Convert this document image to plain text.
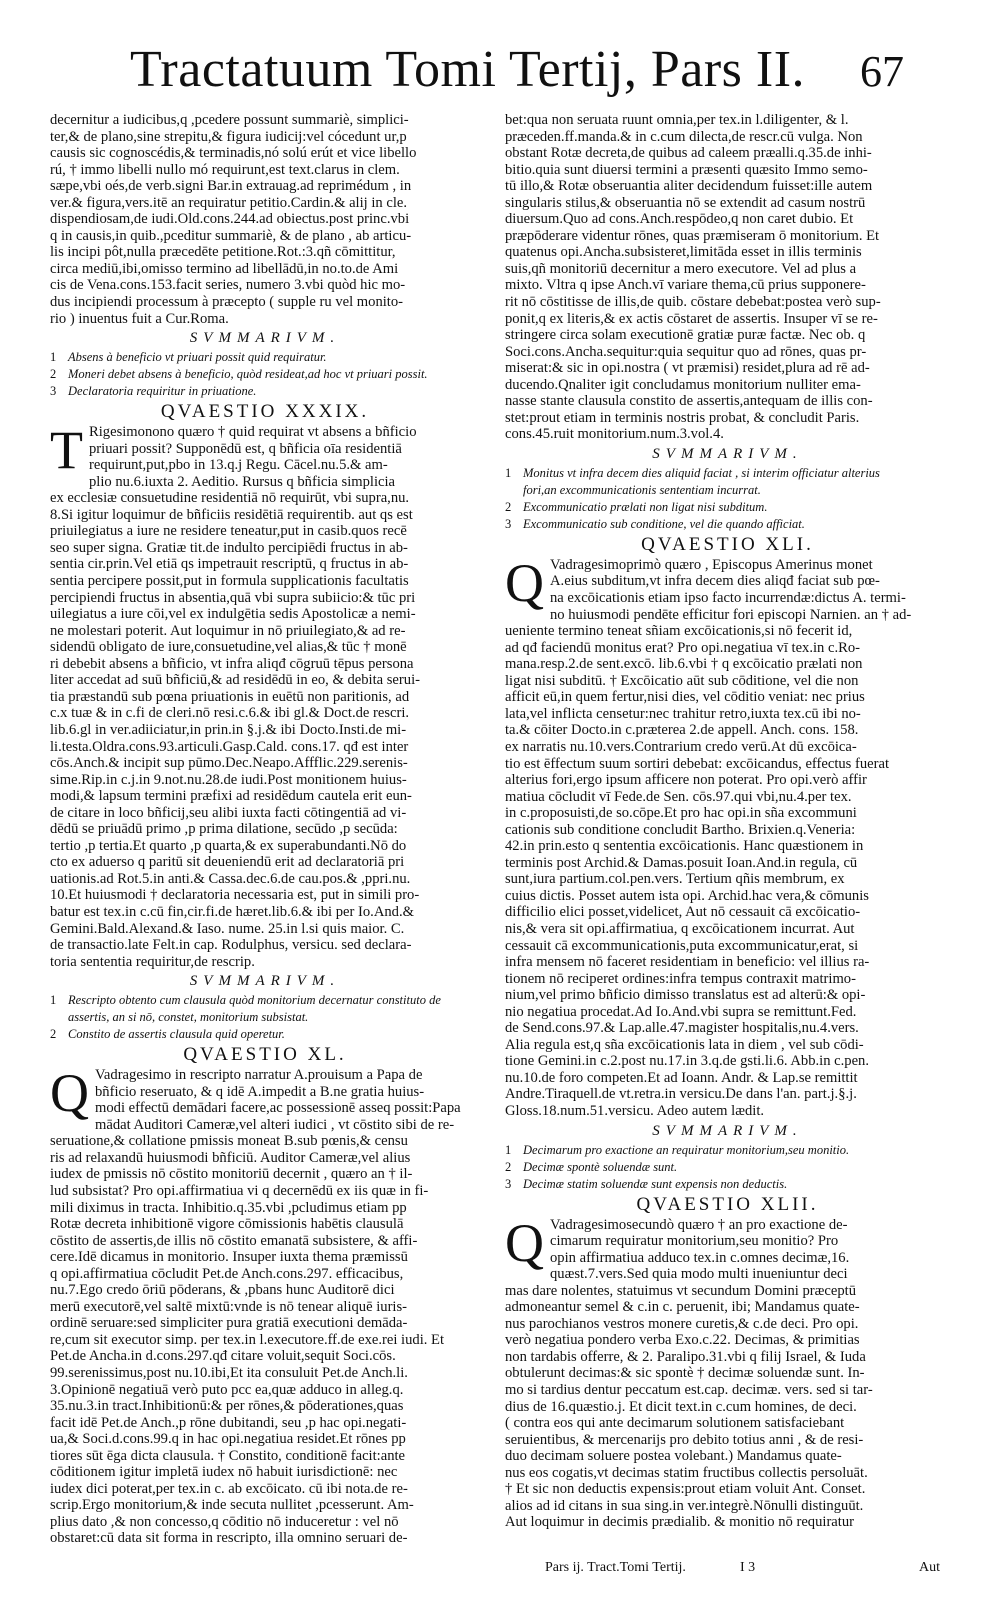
Tractatuum Tomi Tertij, Pars II. 67
decernitur a iudicibus,q ,pcedere possunt summariè, simplici-
ter,& de plano,sine strepitu,& figura iudicij:vel cócedunt ur,p
causis sic cognoscédis,& terminadis,nó solú erút et vice libello
rú, † immo libelli nullo mó requirunt,est text.clarus in clem.
sæpe,vbi oés,de verb.signi Bar.in extrauag.ad reprimédum , in
ver.& figura,vers.itē an requiratur petitio.Cardin.& alij in cle.
dispendiosam,de iudi.Old.cons.244.ad obiectus.post princ.vbi
q in causis,in quib.,pceditur summariè, & de plano , ab articu-
lis incipi pôt,nulla præcedēte petitione.Rot.:3.qñ cōmittitur,
circa mediū,ibi,omisso termino ad libellādū,in no.to.de Ami
cis de Vena.cons.153.facit series, numero 3.vbi quòd hic mo-
dus incipiendi processum à præcepto ( supple ru vel monito-
rio ) inuentus fuit a Cur.Roma.
SVMMARIVM.
1 Absens à beneficio vt priuari possit quid requiratur.
2 Moneri debet absens à beneficio, quòd resideat,ad hoc vt priuari possit.
3 Declaratoria requiritur in priuatione.
QVAESTIO XXXIX.
T Rigesimonono quæro † quid requirat vt absens a bñficio
priuari possit? Supponēdū est, q bñficia oīa residentiā
requirunt,put,pbo in 13.q.j Regu. Cācel.nu.5.& am-
plio nu.6.iuxta 2. Aeditio. Rursus q bñficia simplicia
ex ecclesiæ consuetudine residentiā nō requirūt, vbi supra,nu.
8.Si igitur loquimur de bñficiis residētiā requirentib. aut qs est
priuilegiatus a iure ne residere teneatur,put in casib.quos recē
seo super signa. Gratiæ tit.de indulto percipiēdi fructus in ab-
sentia cir.prin.Vel etiā qs impetrauit rescriptū, q fructus in ab-
sentia percipere possit,put in formula supplicationis facultatis
percipiendi fructus in absentia,quā vbi supra subiicio:& tūc pri
uilegiatus a iure cōi,vel ex indulgētia sedis Apostolicæ a nemi-
ne molestari poterit. Aut loquimur in nō priuilegiato,& ad re-
sidendū obligato de iure,consuetudine,vel alias,& tūc † monē
ri debebit absens a bñficio, vt infra aliqđ cōgruū tēpus persona
liter accedat ad suū bñficiū,& ad residēdū in eo, & debita serui-
tia præstandū sub pœna priuationis in euētū non paritionis, ad
c.x tuæ & in c.fi de cleri.nō resi.c.6.& ibi gl.& Doct.de rescri.
lib.6.gl in ver.adiiciatur,in prin.in §.j.& ibi Docto.Insti.de mi-
li.testa.Oldra.cons.93.articuli.Gasp.Cald. cons.17. qđ est inter
cōs.Anch.& incipit sup pūmo.Dec.Neapo.Affflic.229.serenis-
sime.Rip.in c.j.in 9.not.nu.28.de iudi.Post monitionem huius-
modi,& lapsum termini præfixi ad residēdum cautela erit eun-
de citare in loco bñficij,seu alibi iuxta facti cōtingentiā ad vi-
dēdū se priuādū primo ,p prima dilatione, secūdo ,p secūda:
tertio ,p tertia.Et quarto ,p quarta,& ex superabundanti.Nō do
cto ex aduerso q paritū sit deueniendū erit ad declaratoriā pri
uationis.ad Rot.5.in anti.& Cassa.dec.6.de cau.pos.& ,ppri.nu.
10.Et huiusmodi † declaratoria necessaria est, put in simili pro-
batur est tex.in c.cū fin,cir.fi.de hæret.lib.6.& ibi per Io.And.&
Gemini.Bald.Alexand.& Iaso. nume. 25.in l.si quis maior. C.
de transactio.late Felt.in cap. Rodulphus, versicu. sed declara-
toria sententia requiritur,de rescrip.
SVMMARIVM.
1 Rescripto obtento cum clausula quòd monitorium decernatur constituto de
assertis, an si nō, constet, monitorium subsistat.
2 Constito de assertis clausula quid operetur.
QVAESTIO XL.
Q Vadragesimo in rescripto narratur A.prouisum a Papa de
bñficio reseruato, & q idē A.impedit a B.ne gratia huius-
modi effectū demādari facere,ac possessionē asseq possit:Papa
mādat Auditori Cameræ,vel alteri iudici , vt cōstito sibi de re-
seruatione,& collatione pmissis moneat B.sub pœnis,& censu
ris ad relaxandū huiusmodi bñficiū. Auditor Cameræ,vel alius
iudex de pmissis nō cōstito monitoriū decernit , quæro an † il-
lud subsistat? Pro opi.affirmatiua vi q decernēdū ex iis quæ in fi-
mili diximus in tracta. Inhibitio.q.35.vbi ,pcludimus etiam pp
Rotæ decreta inhibitionē vigore cōmissionis habētis clausulā
cōstito de assertis,de illis nō cōstito emanatā subsistere, & affi-
cere.Idē dicamus in monitorio. Insuper iuxta thema præmissū
q opi.affirmatiua cōcludit Pet.de Anch.cons.297. efficacibus,
nu.7.Ego credo ōriū pōderans, & ,pbans hunc Auditorē dici
merū executorē,vel saltē mixtū:vnde is nō tenear aliquē iuris-
ordinē seruare:sed simpliciter pura gratiā executioni demāda-
re,cum sit executor simp. per tex.in l.executore.ff.de exe.rei iudi. Et
Pet.de Ancha.in d.cons.297.qđ citare voluit,sequit Soci.cōs.
99.serenissimus,post nu.10.ibi,Et ita consuluit Pet.de Anch.li.
3.Opinionē negatiuā verò puto pcc ea,quæ adduco in alleg.q.
35.nu.3.in tract.Inhibitionū:& per rōnes,& pōderationes,quas
facit idē Pet.de Anch.,p rōne dubitandi, seu ,p hac opi.negati-
ua,& Soci.d.cons.99.q in hac opi.negatiua residet.Et rōnes pp
tiores sūt ēga dicta clausula. † Constito, conditionē facit:ante
cōditionem igitur impletā iudex nō habuit iurisdictionē: nec
iudex dici poterat,per tex.in c. ab excōicato. cū ibi nota.de re-
scrip.Ergo monitorium,& inde secuta nullitet ,pcesserunt. Am-
plius dato ,& non concesso,q cōditio nō induceretur : vel nō
obstaret:cū data sit forma in rescripto, illa omnino seruari de-
bet:qua non seruata ruunt omnia,per tex.in l.diligenter, & l.
præceden.ff.manda.& in c.cum dilecta,de rescr.cū vulga. Non
obstant Rotæ decreta,de quibus ad caleem præalli.q.35.de inhi-
bitio.quia sunt diuersi termini a præsenti quæsito Immo semo-
tū illo,& Rotæ obseruantia aliter decidendum fuisset:ille autem
singularis stilus,& obseruantia nō se extendit ad casum nostrū
diuersum.Quo ad cons.Anch.respōdeo,q non caret dubio. Et
præpōderare videntur rōnes, quas præmiseram ō monitorium. Et
quatenus opi.Ancha.subsisteret,limitāda esset in illis terminis
suis,qñ monitoriū decernitur a mero executore. Vel ad plus a
mixto. Vltra q ipse Anch.vī variare thema,cū prius supponere-
rit nō cōstitisse de illis,de quib. cōstare debebat:postea verò sup-
ponit,q ex literis,& ex actis cōstaret de assertis. Insuper vī se re-
stringere circa solam executionē gratiæ puræ factæ. Nec ob. q
Soci.cons.Ancha.sequitur:quia sequitur quo ad rōnes, quas pr-
miserat:& sic in opi.nostra ( vt præmisi) residet,plura ad rē ad-
ducendo.Qnaliter igit concludamus monitorium nulliter ema-
nasse stante clausula constito de assertis,antequam de illis con-
stet:prout etiam in terminis nostris probat, & concludit Paris.
cons.45.ruit monitorium.num.3.vol.4.
SVMMARIVM.
1 Monitus vt infra decem dies aliquid faciat , si interim officiatur alterius
fori,an excommunicationis sententiam incurrat.
2 Excommunicatio prælati non ligat nisi subditum.
3 Excommunicatio sub conditione, vel die quando afficiat.
QVAESTIO XLI.
Q Vadragesimoprimò quæro , Episcopus Amerinus monet
A.eius subditum,vt infra decem dies aliqđ faciat sub pœ-
na excōicationis etiam ipso facto incurrendæ:dictus A. termi-
no huiusmodi pendēte efficitur fori episcopi Narnien. an † ad-
ueniente termino teneat sñiam excōicationis,si nō fecerit id,
ad qđ faciendū monitus erat? Pro opi.negatiua vī tex.in c.Ro-
mana.resp.2.de sent.excō. lib.6.vbi † q excōicatio prælati non
ligat nisi subditū. † Excōicatio aūt sub cōditione, vel die non
afficit eū,in quem fertur,nisi dies, vel cōditio veniat: nec prius
lata,vel inflicta censetur:nec trahitur retro,iuxta tex.cū ibi no-
ta.& cōiter Docto.in c.præterea 2.de appell. Anch. cons. 158.
ex narratis nu.10.vers.Contrarium credo verū.At dū excōica-
tio est ēffectum suum sortiri debebat: excōicandus, effectus fuerat
alterius fori,ergo ipsum afficere non poterat. Pro opi.verò affir
matiua cōcludit vī Fede.de Sen. cōs.97.qui vbi,nu.4.per tex.
in c.proposuisti,de so.cōpe.Et pro hac opi.in sña excommuni
cationis sub conditione concludit Bartho. Brixien.q.Veneria:
42.in prin.esto q sententia excōicationis. Hanc quæstionem in
terminis post Archid.& Damas.posuit Ioan.And.in regula, cū
sunt,iura partium.col.pen.vers. Tertium qñis membrum, ex
cuius dictis. Posset autem ista opi. Archid.hac vera,& cōmunis
difficilio elici posset,videlicet, Aut nō cessauit cā excōicatio-
nis,& vera sit opi.affirmatiua, q excōicationem incurrat. Aut
cessauit cā excommunicationis,puta excommunicatur,erat, si
infra mensem nō faceret residentiam in beneficio: vel illius ra-
tionem nō reciperet ordines:infra tempus contraxit matrimo-
nium,vel primo bñficio dimisso translatus est ad alterū:& opi-
nio negatiua procedat.Ad Io.And.vbi supra se remittunt.Fed.
de Send.cons.97.& Lap.alle.47.magister hospitalis,nu.4.vers.
Alia regula est,q sña excōicationis lata in diem , vel sub cōdi-
tione Gemini.in c.2.post nu.17.in 3.q.de gsti.li.6. Abb.in c.pen.
nu.10.de foro competen.Et ad Ioann. Andr. & Lap.se remittit
Andre.Tiraquell.de vt.retra.in versicu.De dans l'an. part.j.§.j.
Gloss.18.num.51.versicu. Adeo autem lædit.
SVMMARIVM.
1 Decimarum pro exactione an requiratur monitorium,seu monitio.
2 Decimæ spontè soluendæ sunt.
3 Decimæ statim soluendæ sunt expensis non deductis.
QVAESTIO XLII.
Q Vadragesimosecundò quæro † an pro exactione de-
cimarum requiratur monitorium,seu monitio? Pro
opin affirmatiua adduco tex.in c.omnes decimæ,16.
quæst.7.vers.Sed quia modo multi inueniuntur deci
mas dare nolentes, statuimus vt secundum Domini præceptū
admoneantur semel & c.in c. peruenit, ibi; Mandamus quate-
nus parochianos vestros monere curetis,& c.de deci. Pro opi.
verò negatiua pondero verba Exo.c.22. Decimas, & primitias
non tardabis offerre, & 2. Paralipo.31.vbi q filij Israel, & Iuda
obtulerunt decimas:& sic spontè † decimæ soluendæ sunt. In-
mo si tardius dentur peccatum est.cap. decimæ. vers. sed si tar-
dius de 16.quæstio.j. Et dicit text.in c.cum homines, de deci.
( contra eos qui ante decimarum solutionem satisfaciebant
seruientibus, & mercenarijs pro debito totius anni , & de resi-
duo decimam soluere postea volebant.) Mandamus quate-
nus eos cogatis,vt decimas statim fructibus collectis persoluāt.
† Et sic non deductis expensis:prout etiam voluit Ant. Conset.
alios ad id citans in sua sing.in ver.integrè.Nōnulli distinguūt.
Aut loquimur in decimis prædialib. & monitio nō requiratur
Pars ij. Tract.Tomi Tertij.	I 3	Aut
